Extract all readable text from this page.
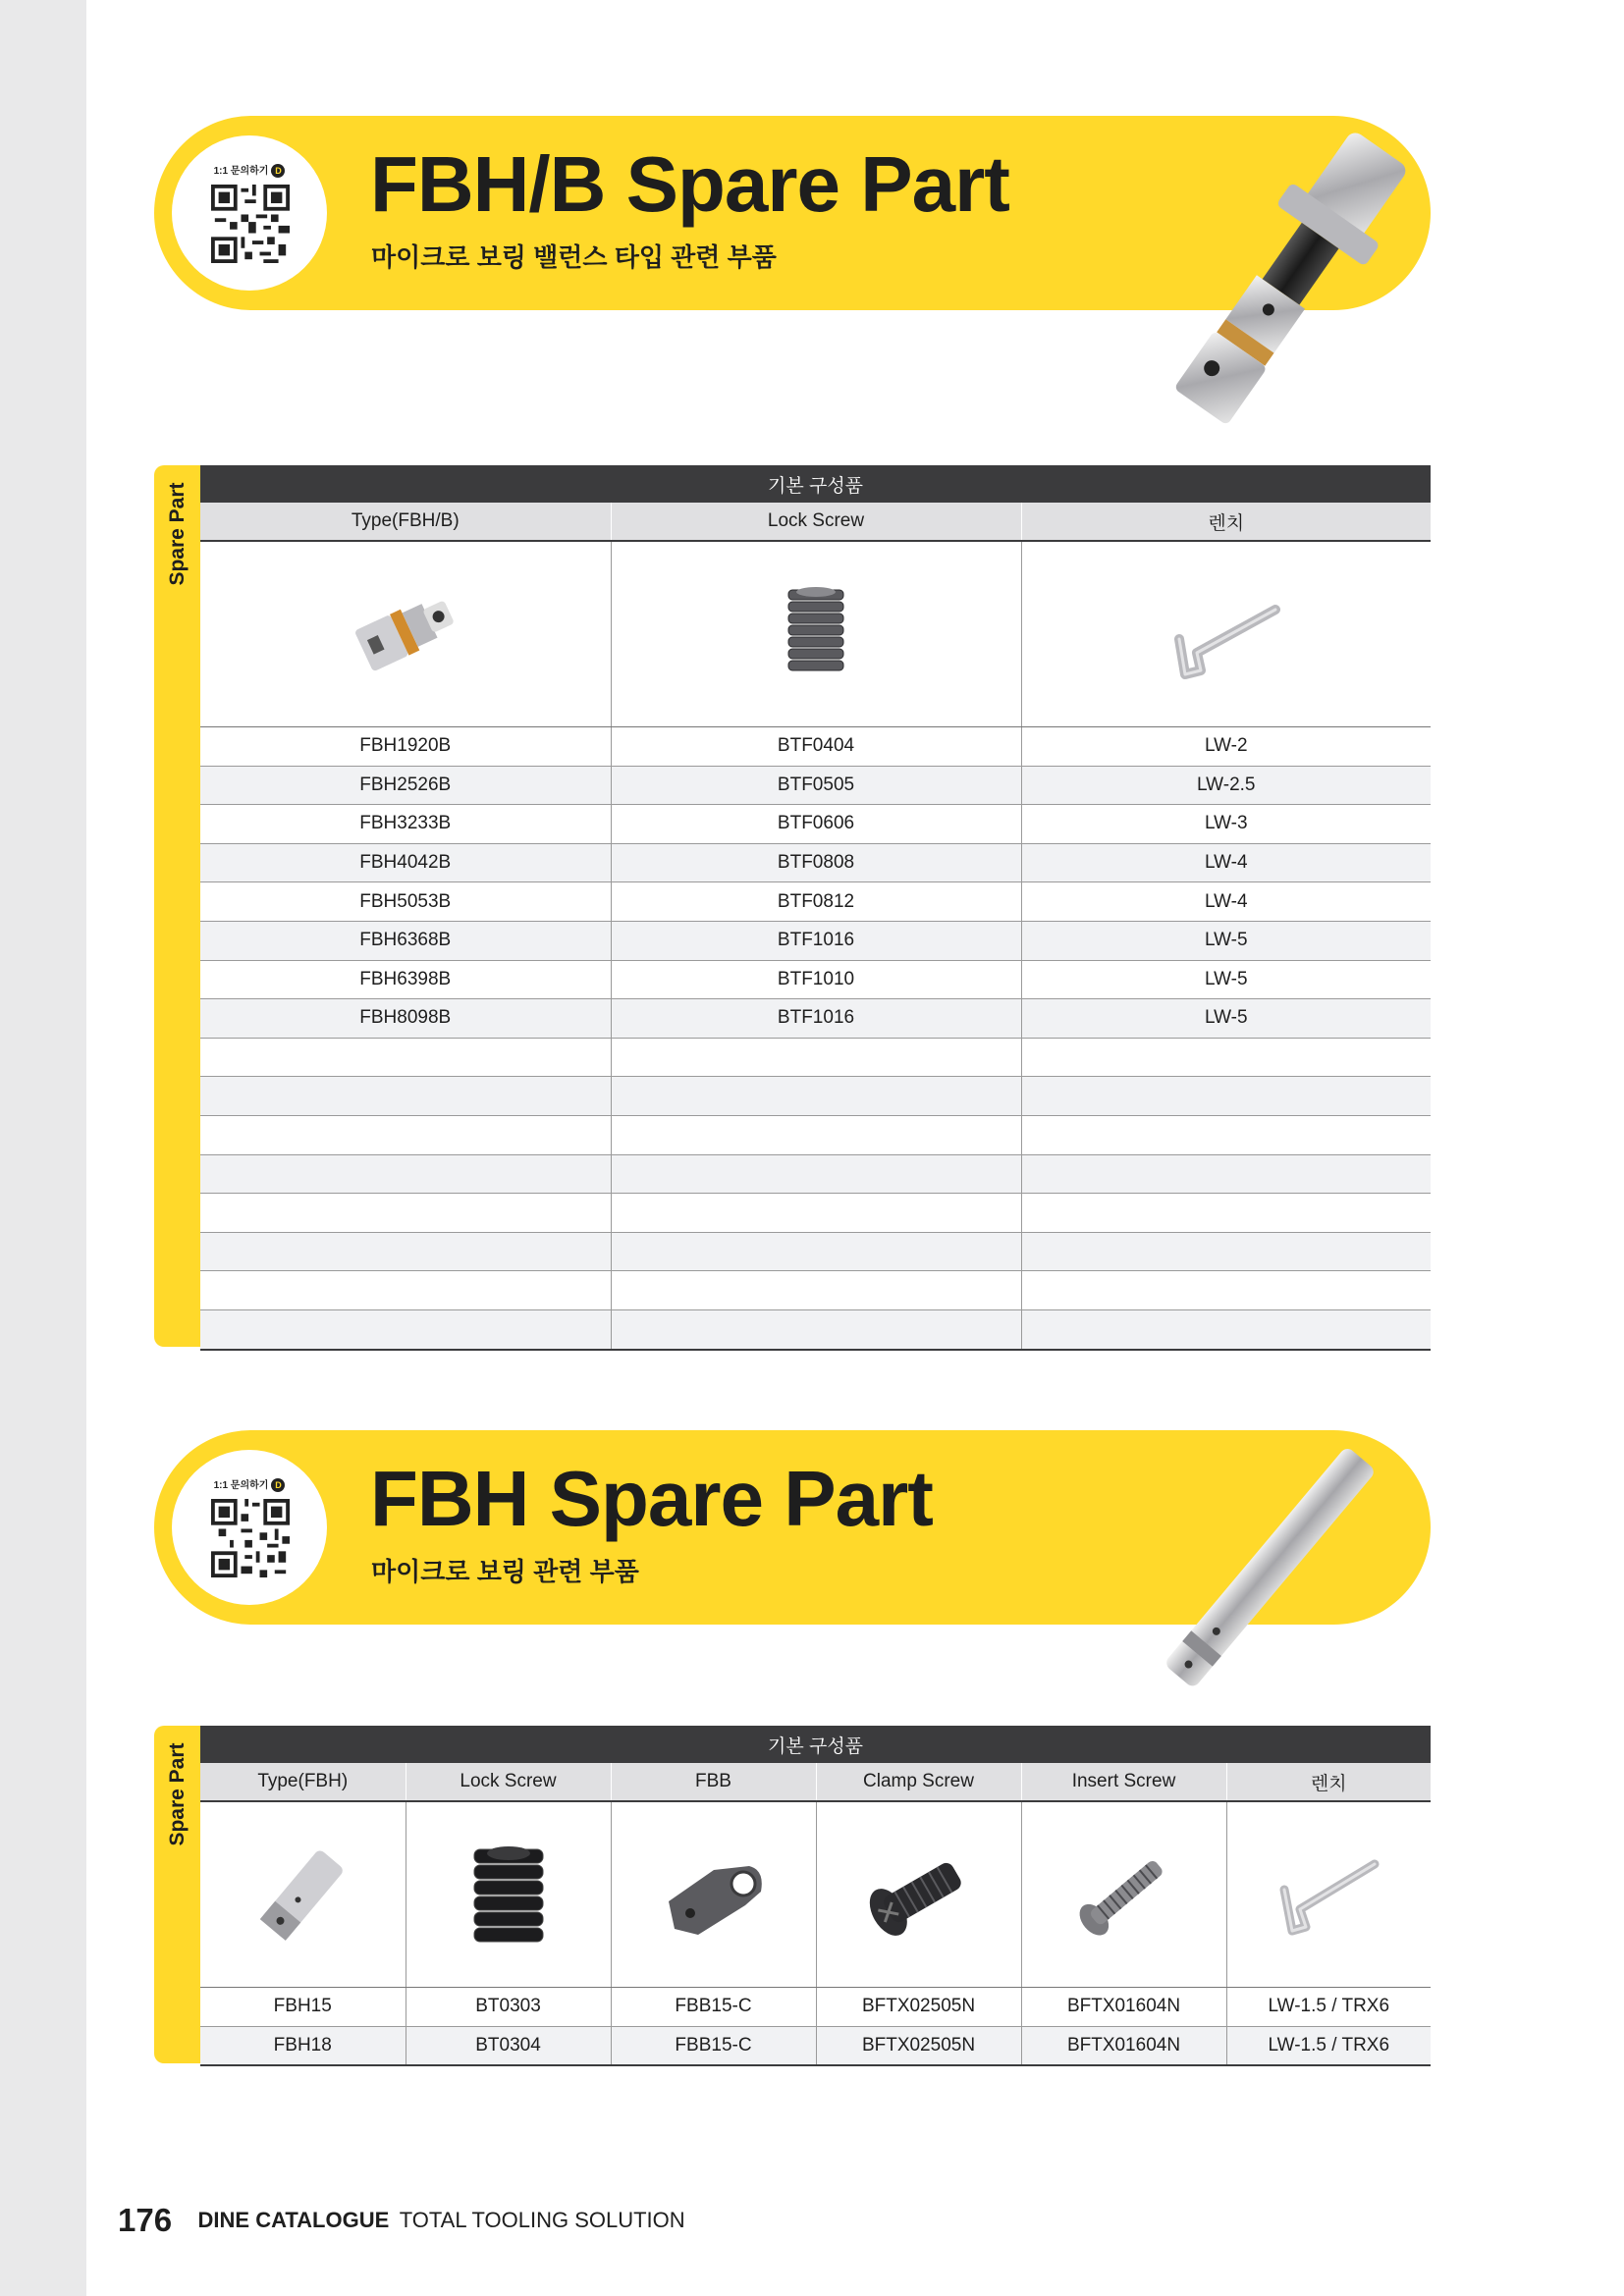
1:1 문의하기 D	FBH/B Spare Part
마이크로 보링 밸런스 타입 관련 부품
Spare Part	기본 구성품		
Type(FBH/B)	Lock Screw	렌치

FBH1920B	BTF0404	LW-2
FBH2526B	BTF0505	LW-2.5
FBH3233B	BTF0606	LW-3
FBH4042B	BTF0808	LW-4
FBH5053B	BTF0812	LW-4
FBH6368B	BTF1016	LW-5
FBH6398B	BTF1010	LW-5
FBH8098B	BTF1016	LW-5

1:1 문의하기 D	FBH Spare Part
마이크로 보링 관련 부품
Spare Part	기본 구성품					
Type(FBH)	Lock Screw	FBB	Clamp Screw	Insert Screw	렌치

FBH15	BT0303	FBB15-C	BFTX02505N	BFTX01604N	LW-1.5 / TRX6
FBH18	BT0304	FBB15-C	BFTX02505N	BFTX01604N	LW-1.5 / TRX6
176 DINE CATALOGUE TOTAL TOOLING SOLUTION
